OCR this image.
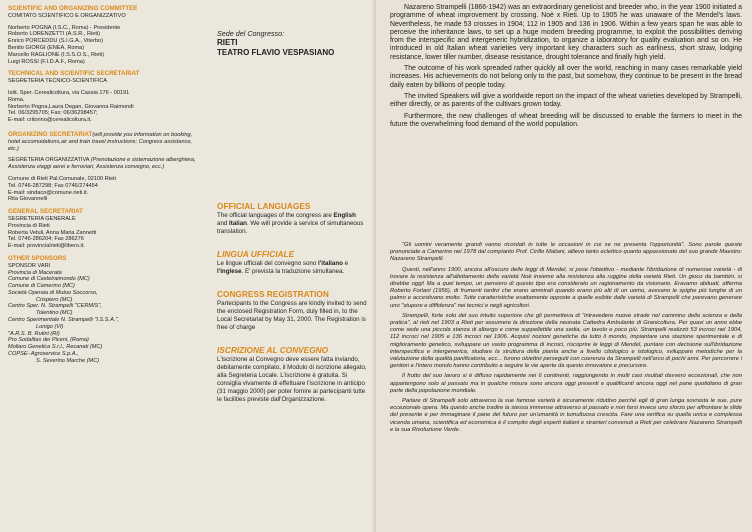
SCIENTIFIC AND ORGANIZING COMMITTEE
COMITATO SCIENTIFICO E ORGANIZZATIVO
Norberto POGNA (I.S.C., Roma) - Presidente
Roberto LORENZETTI (A.S.R., Rieti)
Enrico PORCEDDU (S.I.G.A., Viterbo)
Benito GIORGI (ENEA, Roma)
Marcello RAGLIONE (I.S.S.O.S., Rieti)
Luigi ROSSI (F.I.D.A.F., Roma)
TECHNICAL AND SCIENTIFIC SECRETARIAT
SEGRETERIA TECNICO-SCIENTIFICA
Istit. Sper. Cerealicoltura, via Cassia 176 - 00191
Roma.
Norberto Pogna,Laura Degan, Giovanna Raimondi
Tel. 06/3295705; Fax: 06/36298457;
E-mail: critorino@cerealicoltura.it.
ORGANIZING SECRETARIAT(will provide you information on booking, hotel accomodations,air and train travel instructions; Congress assistance, etc.)
SEGRETERIA ORGANIZZATIVA (Prenotazione e sistemazione alberghiera, Assistenza viaggi aerei e ferroviari, Assistenza convegno, ecc.)
Comune di Rieti Pal.Comunale, 02100 Rieti
Tel. 0746-287298; Fax 0746/274454
E-mail: sindaco@comune.rieti.it.
Rita Giovannelli
GENERAL SECRETARIAT
SEGRETERIA GENERALE
Provincia di Rieti
Roberta Vetuli, Anna Maria Zannetti
Tel. 0746-286204; Fax 286276
E-mail: provincialrieti@libero.it.
OTHER SPONSORS
SPONSOR VARI
Provincia di Macerata
Comune di Castelraimondo (MC)
Comune di Camerino (MC)
Società Operaia di Mutuo Soccorso,
Crispiero (MC)
Centro Sper. N. Strampelli "CERMIS",
Tolentino (MC)
Centro Sperimentale N. Strampelli "I.S.S.A.",
Lonigo (VI)
"A.R.S. B. Rutini (RI)
Pro Sodalitas dei Piceni, (Roma)
Mollaro Genetica S.r.l., Recanati (MC)
COPSE- Agroservice S.p.A.,
S. Severino Marche (MC)
Sede del Congresso:
RIETI
TEATRO FLAVIO VESPASIANO
OFFICIAL LANGUAGES
The official languages of the congress are English and Italian. We will provide a service of simultaneous translation.
LINGUA UFFICIALE
Le lingue ufficiali del convegno sono l'italiano e l'inglese. E' prevista la traduzione simultanea.
CONGRESS REGISTRATION
Partecipants to the Congress are kindly invited to send the enclosed Registration Form, duly filled in, to the Local Secretariat by May 31, 2000. The Registration is free of charge
ISCRIZIONE AL CONVEGNO
L'iscrizione al Convegno deve essere fatta inviando, debitamente compilato, il Modulo di iscrizione allegato, alla Segreteria Locale. L'iscrizione è gratuita. Si consiglia vivamente di effettuare l'iscrizione in anticipo (31 maggio 2000) per poter fornire ai partecipanti tutte le facilities previste dall'Organizzazione.

Nazareno Strampelli (1866-1942) was an extraordinary geneticist and breeder who, in the year 1900 initiated a programme of wheat improvement by crossing. Noè x Rieti. Up to 1905 he was unaware of the Mendel's laws. Nevertheless, he made 53 crosses in 1904; 112 in 1905 and 136 in 1906. Within a few years span he was able to perceive the inheritance laws, to set up a huge modern breeding programme, to exploit the possibilities deriving from the interspecific and intergeneric hybridization, to organize a laboratory for quality evaluation and so on. He introduced in old Italian wheat varieties very important key characters such as earliness, short straw, lodging resistance, lower tiller number, disease resistance, drought tolerance and finally high yield.

The outcome of his work spreaded rather quickly all over the world, reaching in many cases remarkable yield increases. His achievements do not belong only to the past, but somehow, they continue to be present in the bread daily eaten by billions of people today.

The invited Speakers will give a worldwide report on the impact of the wheat varieties developed by Strampelli, either directly, or as parents of the cultivars grown today.

Furthermore, the new challenges of wheat breeding will be discussed to enable the farmers to meet in the future the overwhelming food demand of the world population.

"Gli uomini veramente grandi vanno ricordati in tutte le occasioni in cui se ne presenta l'opportunità". Sono parole queste pronunciate a Camerino nel 1978 dal compianto Prof. Cirillo Maliani, allievo tanto eclettico quanto appassionato del suo grande Maestro: Nazareno Strampelli.

Questi, nell'anno 1900, ancora all'oscuro delle leggi di Mendel, si pose l'obiettivo - mediante l'ibridazione di numerose varietà - di trovare la resistenza all'allettamento della varietà Noè insieme alla resistenza alla ruggine della varietà Rieti. Un gioco da bambini, si direbbe oggi! Ma a quel tempo, un pensiero di questo tipo era considerato un ragionamento da visionario. Eravamo abituati, afferma Roberto Forlani (1956), di frumenti tardivi che erano ammirati quando erano più alti di un uomo, avevano le spighe più lunghe di un palmo e accestivano molto. Tutte caratteristiche esattamente opposte a quelle esibite dalle varietà di Strampelli che parevano generare uno "stupore e diffidenza" nei tecnici e negli agricoltori.

Strampelli, forte solo del suo intuito superiore che gli permetteva di "intravedere nuove strade nel cammino della scienza e della pratica", al rieti nel 1903 a Rieti per assumere la direzione della neonata Cattedra Ambulante di Granicoltura. Per quasi un anno ebbe come sede una piccola stanza di albergo e come suppellettile una sedia, un tavolo e poco più. Strampelli realizzò 53 incroci nel 1904, 112 incroci nel 1905 e 136 incroci nel 1906. Acquisì nozioni genetiche da tutto il mondo, impiantare una stazione sperimentale e di miglioramento genetico, sviluppare un vasto programma di incroci, riscoprire le leggi di Mendel, puntare con decisione sull'ibridazione interspecifica e intergenerica, studiare la struttura della pianta anche a livello citologico e istologico, sviluppare metodiche per la valutazione della qualità panificatoria, ecc... furono obiettivi perseguiti con coerenza da Strampelli nell'arco di pochi anni. Per percorrere i genitori e l'intero mondo hanno contribuito a seguire le vie aperte da questo innovatore e precursore.

Il frutto del suo lavoro si è diffuso rapidamente nei 6 continenti, raggiungendo in molti casi risultati davvero eccezionali, che non appartengono solo al passato ma in qualche misura sono ancora oggi presenti e qualificanti ancora oggi nel pane quotidiano di gran parte della popolazione mondiale.

Parlare di Strampelli solo attraverso la sue famose varietà è sicuramente riduttivo perché egli di gran lunga sovrasta le sue, pure eccezionale opera. Ma questo anche tradire la stessa immense attraverso al passato e non farsi invece uno sforzo per affrontare le sfide del presente e per immaginare il pane del futuro per un'umanità in tumultuosa crescita. Fare una verifica su quella unica e complessa vicenda umana, scientifica ed economica è il compito degli esperti italiani e stranieri convenuti a Rieti per celebrare Nazareno Strampelli e la sua Rivoluzione Verde.
